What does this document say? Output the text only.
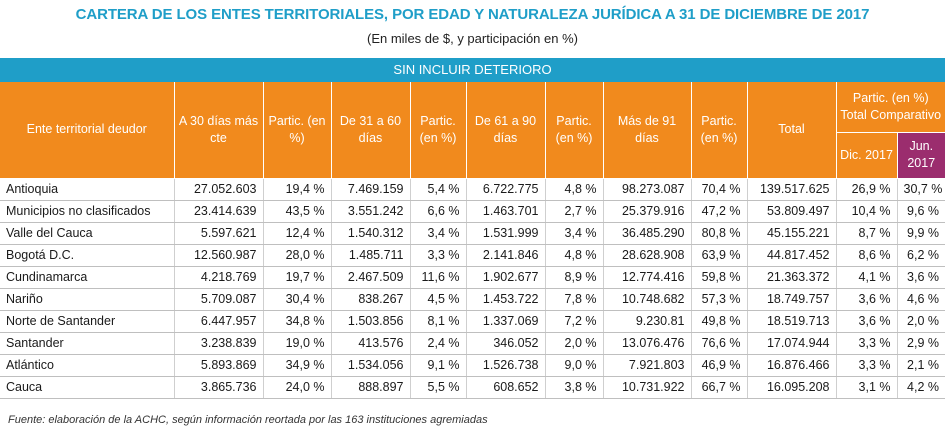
CARTERA DE LOS ENTES TERRITORIALES, POR EDAD Y NATURALEZA JURÍDICA A 31 DE DICIEMBRE DE 2017
(En miles de $, y participación en %)
SIN INCLUIR DETERIORO
Ente territorial deudor	A 30 días más cte	Partic. (en %)	De 31 a 60 días	Partic. (en %)	De 61 a 90 días	Partic. (en %)	Más de 91 días	Partic. (en %)	Total	Partic. (en %) Total Comparativo	
										Dic. 2017	Jun. 2017
Antioquia	27.052.603	19,4 %	7.469.159	5,4 %	6.722.775	4,8 %	98.273.087	70,4 %	139.517.625	26,9 %	30,7 %
Municipios no clasificados	23.414.639	43,5 %	3.551.242	6,6 %	1.463.701	2,7 %	25.379.916	47,2 %	53.809.497	10,4 %	9,6 %
Valle del Cauca	5.597.621	12,4 %	1.540.312	3,4 %	1.531.999	3,4 %	36.485.290	80,8 %	45.155.221	8,7 %	9,9 %
Bogotá D.C.	12.560.987	28,0 %	1.485.711	3,3 %	2.141.846	4,8 %	28.628.908	63,9 %	44.817.452	8,6 %	6,2 %
Cundinamarca	4.218.769	19,7 %	2.467.509	11,6 %	1.902.677	8,9 %	12.774.416	59,8 %	21.363.372	4,1 %	3,6 %
Nariño	5.709.087	30,4 %	838.267	4,5 %	1.453.722	7,8 %	10.748.682	57,3 %	18.749.757	3,6 %	4,6 %
Norte de Santander	6.447.957	34,8 %	1.503.856	8,1 %	1.337.069	7,2 %	9.230.81	49,8 %	18.519.713	3,6 %	2,0 %
Santander	3.238.839	19,0 %	413.576	2,4 %	346.052	2,0 %	13.076.476	76,6 %	17.074.944	3,3 %	2,9 %
Atlántico	5.893.869	34,9 %	1.534.056	9,1 %	1.526.738	9,0 %	7.921.803	46,9 %	16.876.466	3,3 %	2,1 %
Cauca	3.865.736	24,0 %	888.897	5,5 %	608.652	3,8 %	10.731.922	66,7 %	16.095.208	3,1 %	4,2 %
Fuente: elaboración de la ACHC, según información reortada por las 163 instituciones agremiadas
